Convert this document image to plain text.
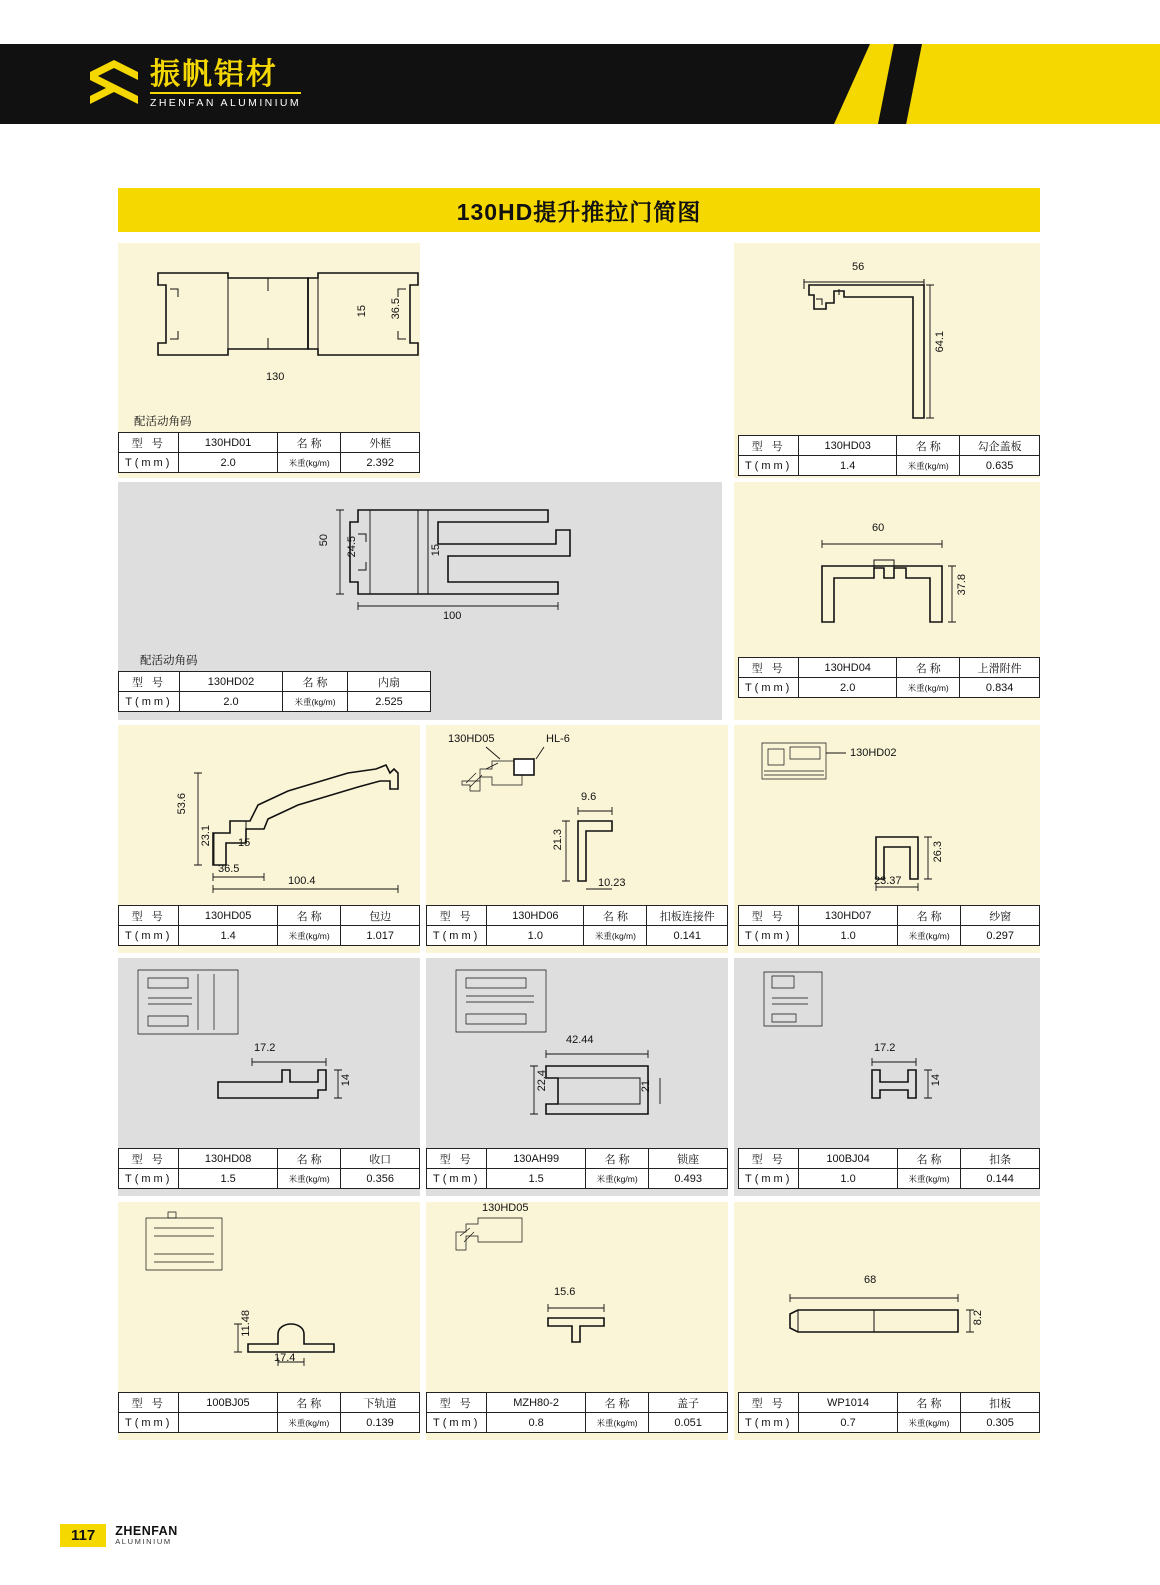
振帆铝材
ZHENFAN ALUMINIUM
130HD提升推拉门简图
36.5
15
130
配活动角码
型 号	130HD01	名 称	外框
T(mm)	2.0	米重(kg/m)	2.392
56
64.1
型 号	130HD03	名 称	勾企盖板
T(mm)	1.4	米重(kg/m)	0.635
50 24.5	15
100
配活动角码
型 号	130HD02	名 称	内扇
T(mm)	2.0	米重(kg/m)	2.525
60
37.8
型 号	130HD04	名 称	上滑附件
T(mm)	2.0	米重(kg/m)	0.834
53.6
23.1 15
36.5
100.4
型 号	130HD05	名 称	包边
T(mm)	1.4	米重(kg/m)	1.017
130HD05	HL-6
9.6
21.3
10.23
型 号	130HD06	名 称	扣板连接件
T(mm)	1.0	米重(kg/m)	0.141
130HD02
26.3
23.37
型 号	130HD07	名 称	纱窗
T(mm)	1.0	米重(kg/m)	0.297
17.2
14
型 号	130HD08	名 称	收口
T(mm)	1.5	米重(kg/m)	0.356
42.44
22.4	21
型 号	130AH99	名 称	锁座
T(mm)	1.5	米重(kg/m)	0.493
17.2
14
型 号	100BJ04	名 称	扣条
T(mm)	1.0	米重(kg/m)	0.144
11.48
17.4
型 号	100BJ05	名 称	下轨道
T(mm)		米重(kg/m)	0.139
130HD05
15.6
型 号	MZH80-2	名 称	盖子
T(mm)	0.8	米重(kg/m)	0.051
68
8.2
型 号	WP1014	名 称	扣板
T(mm)	0.7	米重(kg/m)	0.305
117	ZHENFAN
ALUMINIUM
